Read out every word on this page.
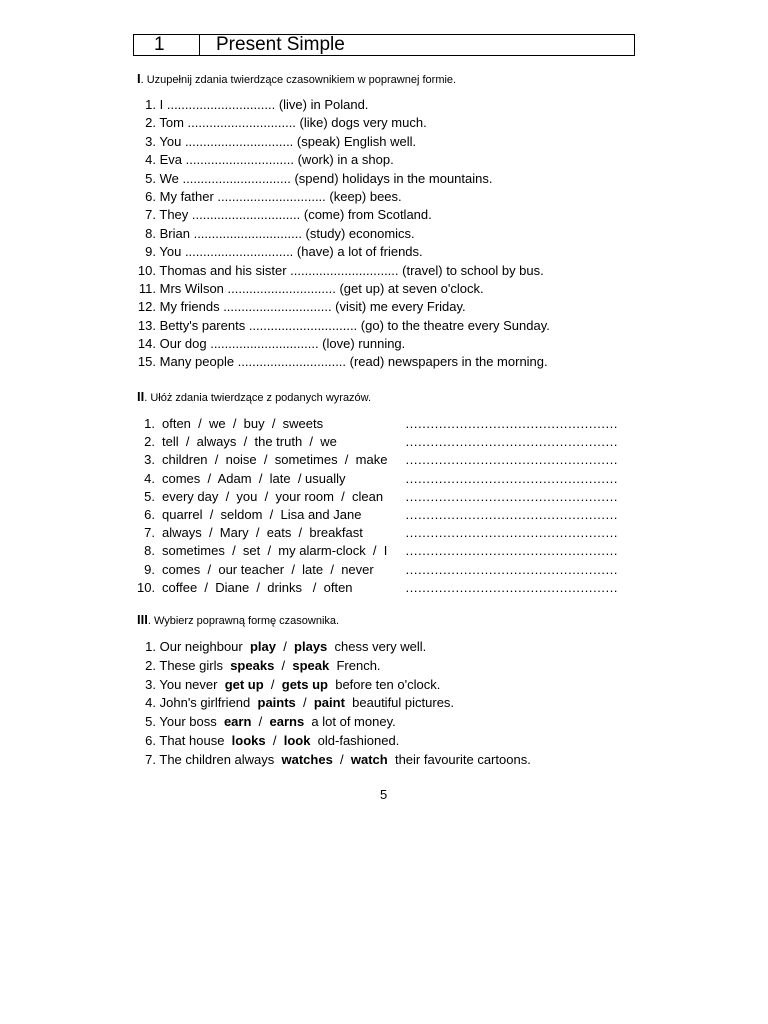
1	Present Simple
I. Uzupełnij zdania twierdzące czasownikiem w poprawnej formie.
1. I .............................. (live) in Poland.
2. Tom .............................. (like) dogs very much.
3. You .............................. (speak) English well.
4. Eva .............................. (work) in a shop.
5. We .............................. (spend) holidays in the mountains.
6. My father .............................. (keep) bees.
7. They .............................. (come) from Scotland.
8. Brian .............................. (study) economics.
9. You .............................. (have) a lot of friends.
10. Thomas and his sister .............................. (travel) to school by bus.
11. Mrs Wilson .............................. (get up) at seven o'clock.
12. My friends .............................. (visit) me every Friday.
13. Betty's parents .............................. (go) to the theatre every Sunday.
14. Our dog .............................. (love) running.
15. Many people .............................. (read) newspapers in the morning.
II. Ułóż zdania twierdzące z podanych wyrazów.
1. often  /  we  /  buy  /  sweets	……………………………………………
2. tell  /  always  /  the truth  /  we	……………………………………………
3. children  /  noise  /  sometimes  /  make ……………………………………………
4. comes  /  Adam  /  late  / usually	……………………………………………
5. every day  /  you  /  your room  /  clean ……………………………………………
6. quarrel  /  seldom  /  Lisa and Jane	……………………………………………
7. always  /  Mary  /  eats  /  breakfast	……………………………………………
8. sometimes  /  set  /  my alarm-clock  /  I ……………………………………………
9. comes  /  our teacher  /  late  /  never ……………………………………………
10. coffee  /  Diane  /  drinks   /  often	……………………………………………
III. Wybierz poprawną formę czasownika.
1. Our neighbour  play  /  plays  chess very well.
2. These girls  speaks  /  speak  French.
3. You never  get up  /  gets up  before ten o'clock.
4. John's girlfriend  paints  /  paint  beautiful pictures.
5. Your boss  earn  /  earns  a lot of money.
6. That house  looks  /  look  old-fashioned.
7. The children always  watches  /  watch  their favourite cartoons.
5
